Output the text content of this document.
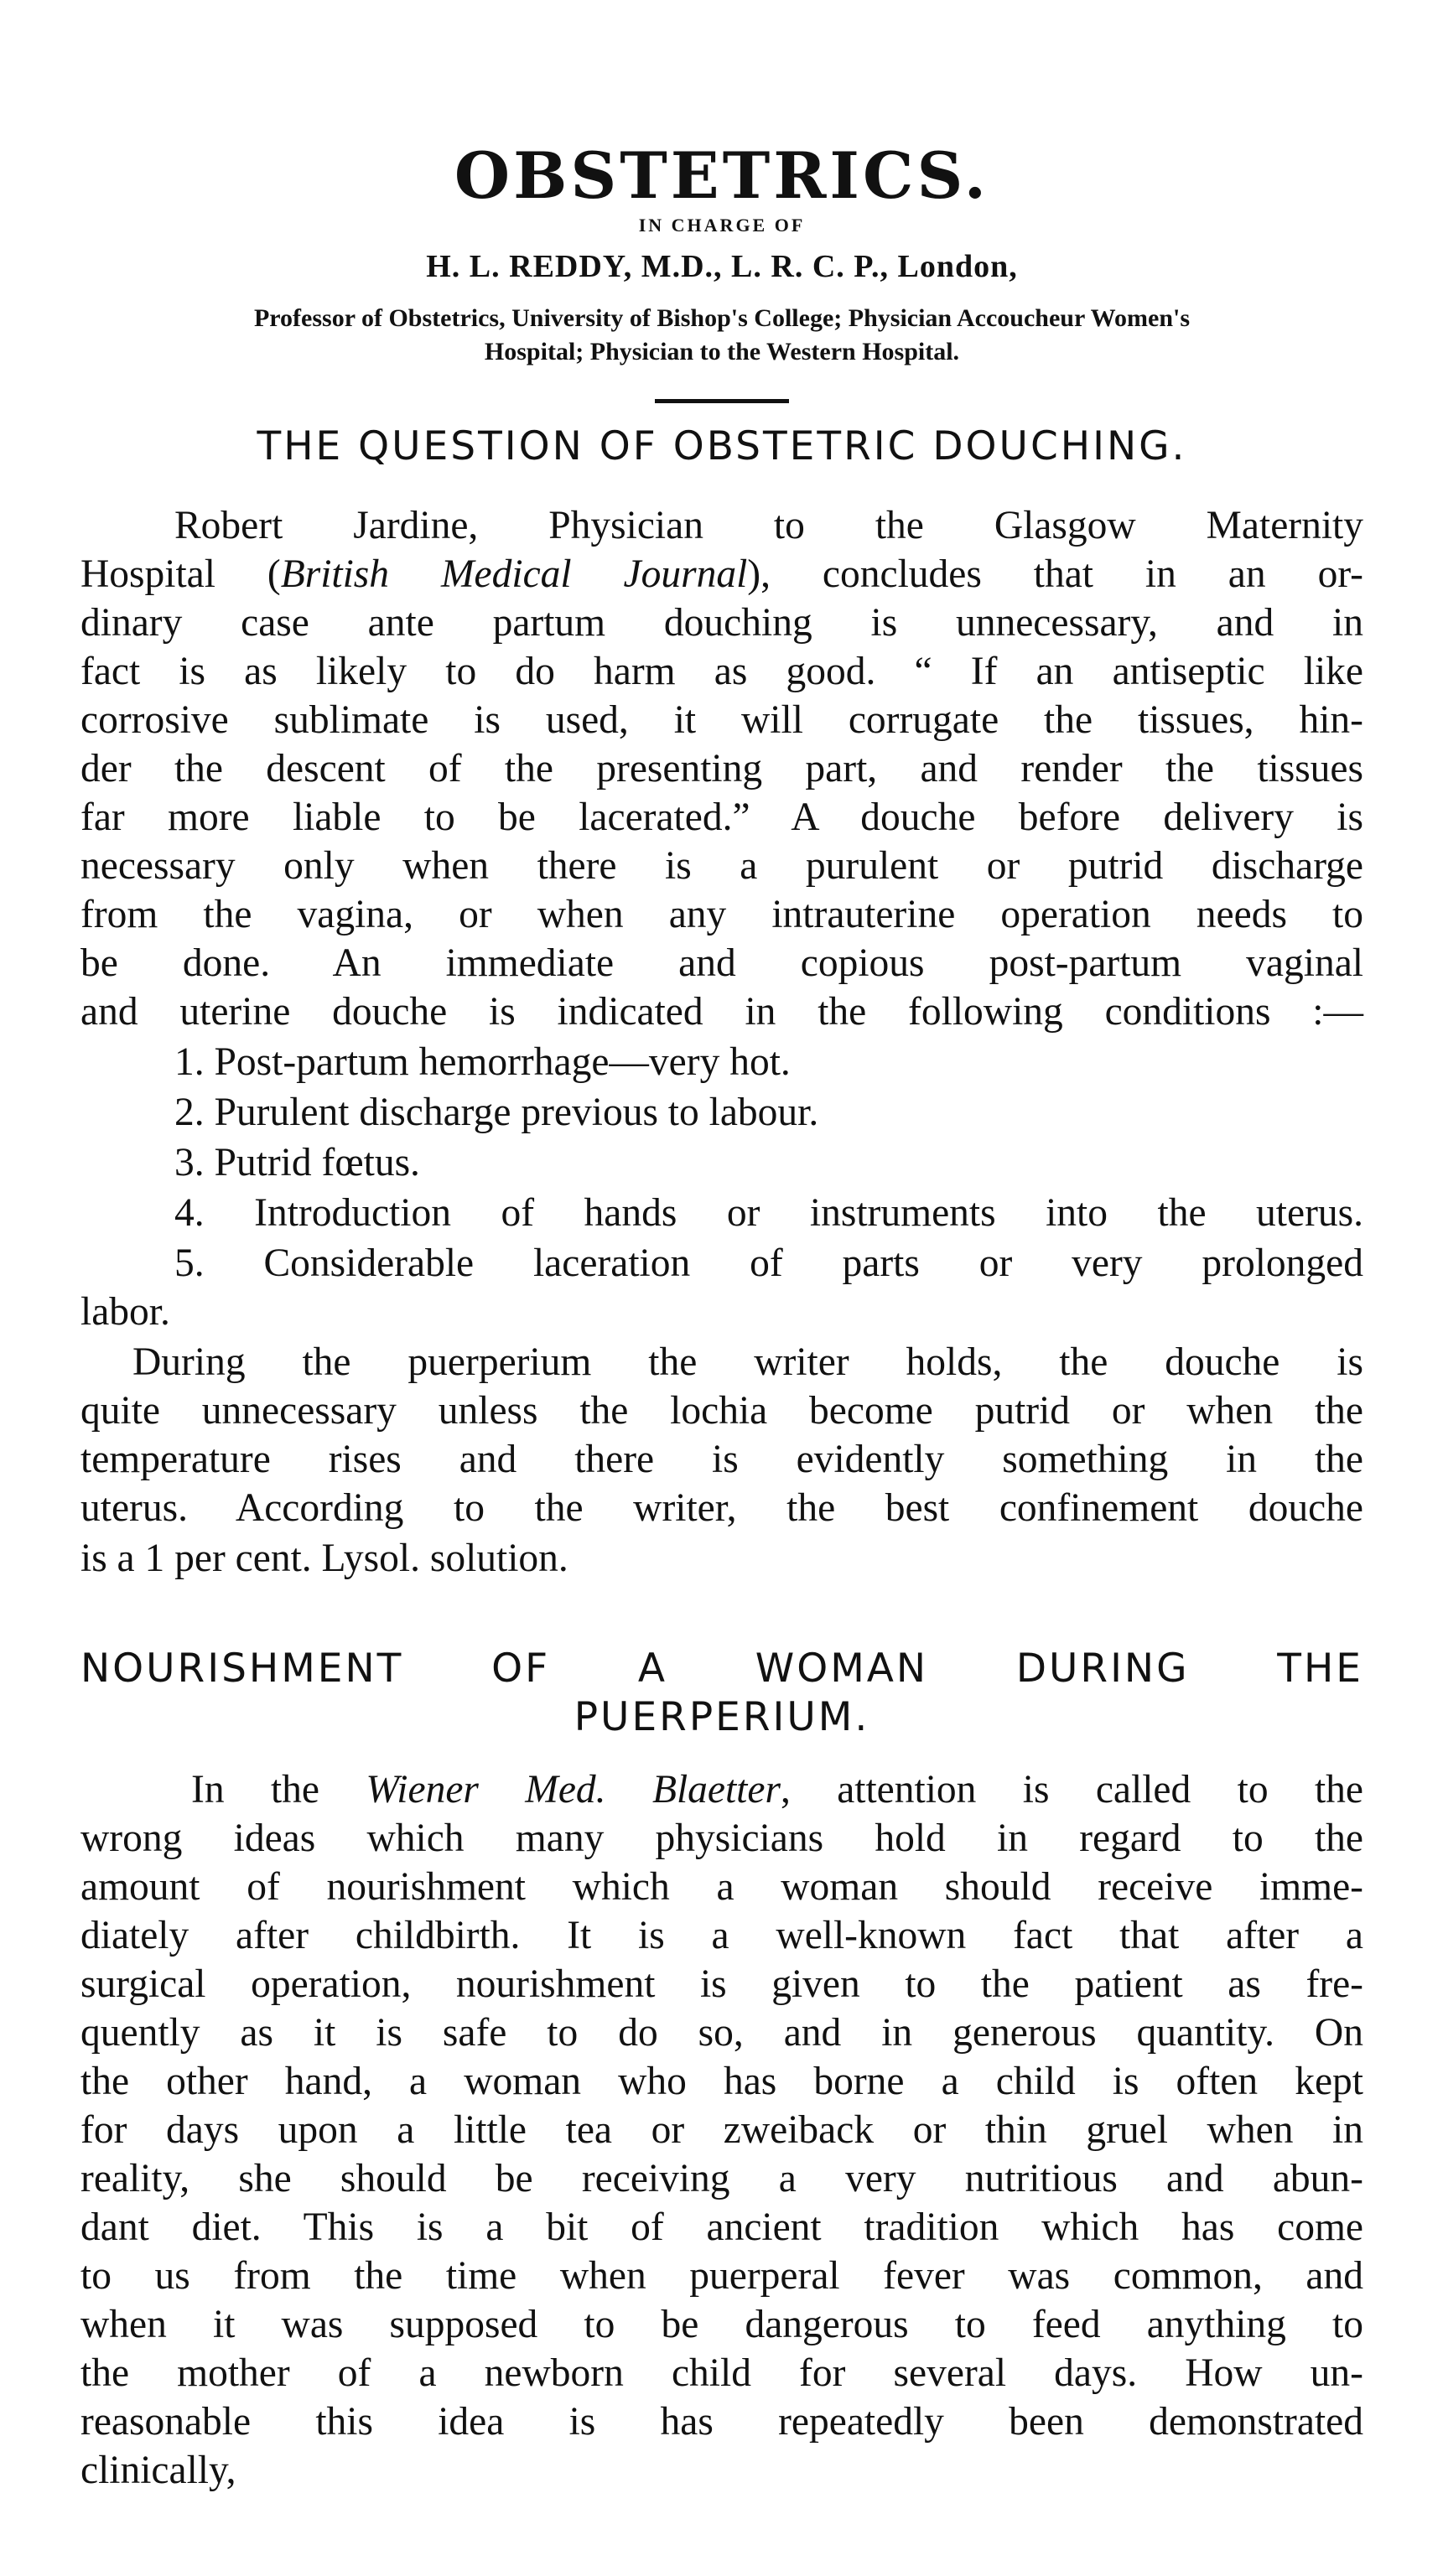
OBSTETRICS.
IN CHARGE OF
H. L. REDDY, M.D., L. R. C. P., London,
Professor of Obstetrics, University of Bishop's College; Physician Accoucheur Women's
Hospital; Physician to the Western Hospital.
THE QUESTION OF OBSTETRIC DOUCHING.
Robert Jardine, Physician to the Glasgow Maternity
Hospital (British Medical Journal), concludes that in an or-
dinary case ante partum douching is unnecessary, and in
fact is as likely to do harm as good. “ If an antiseptic like
corrosive sublimate is used, it will corrugate the tissues, hin-
der the descent of the presenting part, and render the tissues
far more liable to be lacerated.” A douche before delivery is
necessary only when there is a purulent or putrid discharge
from the vagina, or when any intrauterine operation needs to
be done. An immediate and copious post-partum vaginal
and uterine douche is indicated in the following conditions :—
1. Post-partum hemorrhage—very hot.
2. Purulent discharge previous to labour.
3. Putrid fœtus.
4. Introduction of hands or instruments into the uterus.
5. Considerable laceration of parts or very prolonged
labor.
During the puerperium the writer holds, the douche is
quite unnecessary unless the lochia become putrid or when the
temperature rises and there is evidently something in the
uterus. According to the writer, the best confinement douche
is a 1 per cent. Lysol. solution.
NOURISHMENT OF A WOMAN DURING THE
PUERPERIUM.
In the Wiener Med. Blaetter, attention is called to the
wrong ideas which many physicians hold in regard to the
amount of nourishment which a woman should receive imme-
diately after childbirth. It is a well-known fact that after a
surgical operation, nourishment is given to the patient as fre-
quently as it is safe to do so, and in generous quantity. On
the other hand, a woman who has borne a child is often kept
for days upon a little tea or zweiback or thin gruel when in
reality, she should be receiving a very nutritious and abun-
dant diet. This is a bit of ancient tradition which has come
to us from the time when puerperal fever was common, and
when it was supposed to be dangerous to feed anything to
the mother of a newborn child for several days. How un-
reasonable this idea is has repeatedly been demonstrated
clinically,
